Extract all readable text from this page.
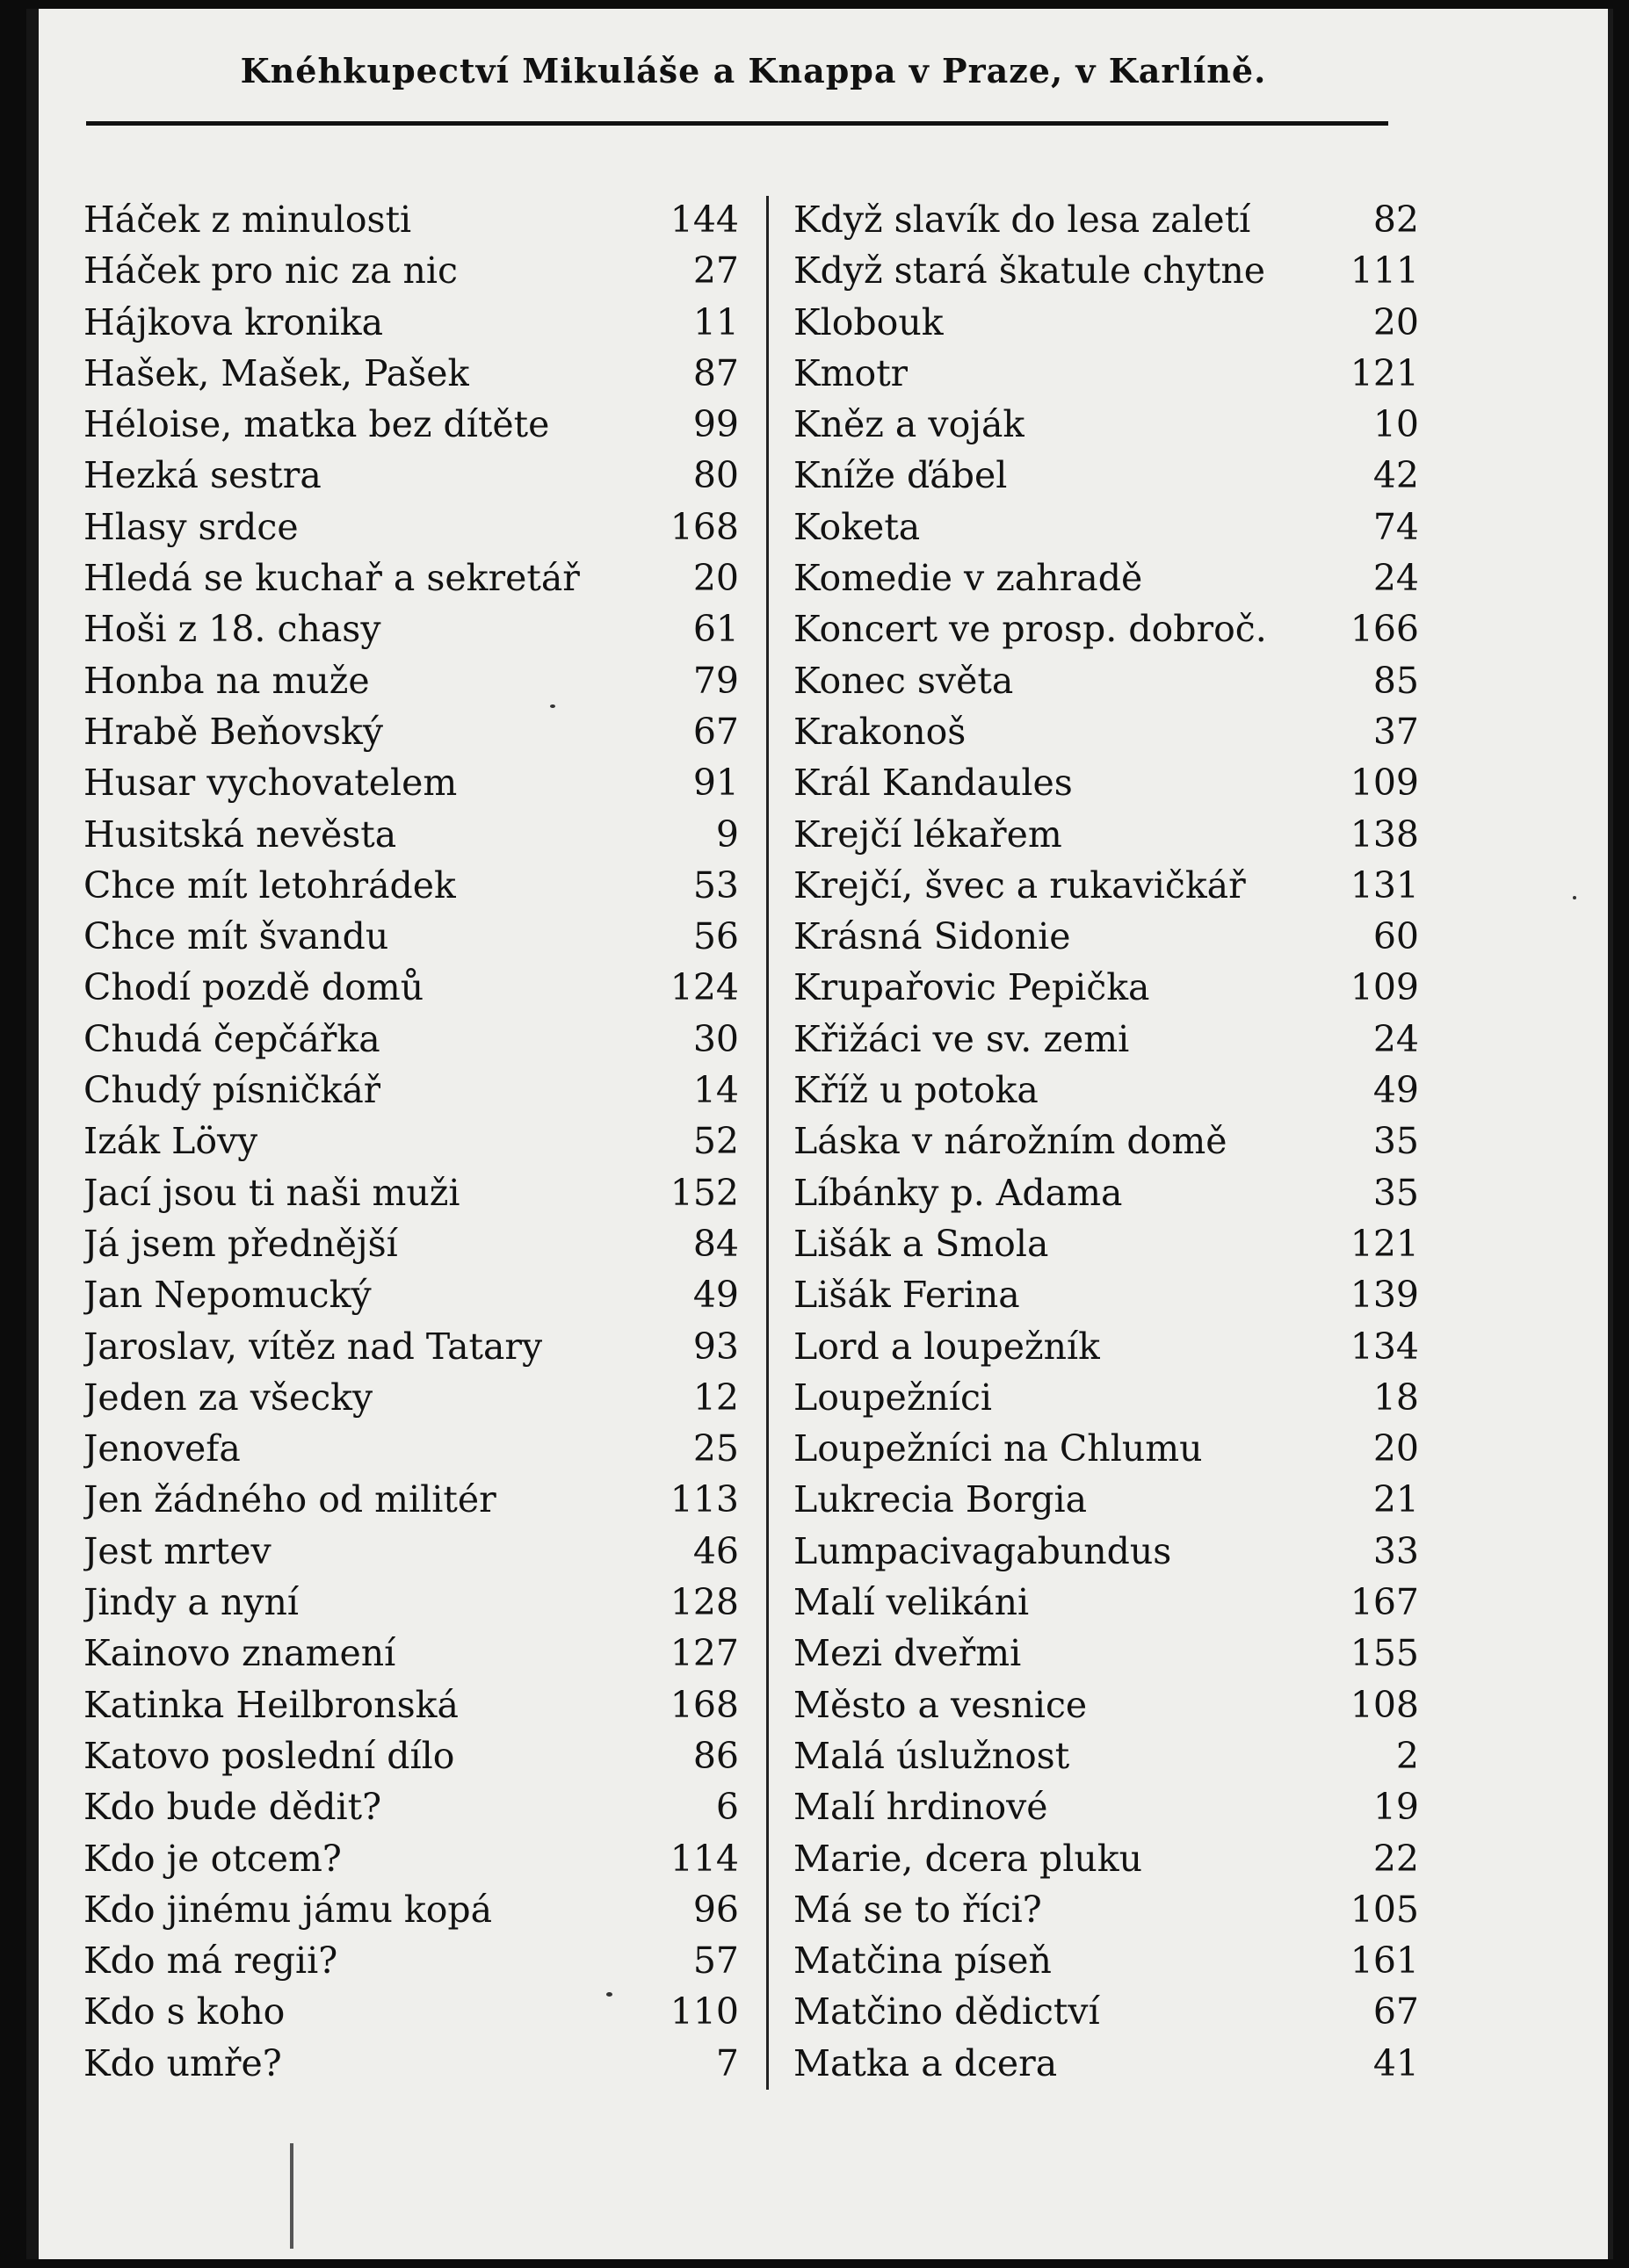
Knéhkupectví Mikuláše a Knappa v Praze, v Karlíně.
Háček z minulosti	144
Háček pro nic za nic	27
Hájkova kronika	11
Hašek, Mašek, Pašek	87
Héloise, matka bez dítěte	99
Hezká sestra	80
Hlasy srdce	168
Hledá se kuchař a sekretář	20
Hoši z 18. chasy	61
Honba na muže	79
Hrabě Beňovský	67
Husar vychovatelem	91
Husitská nevěsta	9
Chce mít letohrádek	53
Chce mít švandu	56
Chodí pozdě domů	124
Chudá čepčářka	30
Chudý písničkář	14
Izák Lövy	52
Jací jsou ti naši muži	152
Já jsem přednější	84
Jan Nepomucký	49
Jaroslav, vítěz nad Tatary	93
Jeden za všecky	12
Jenovefa	25
Jen žádného od militér	113
Jest mrtev	46
Jindy a nyní	128
Kainovo znamení	127
Katinka Heilbronská	168
Katovo poslední dílo	86
Kdo bude dědit?	6
Kdo je otcem?	114
Kdo jinému jámu kopá	96
Kdo má regii?	57
Kdo s koho	110
Kdo umře?	7
Když slavík do lesa zaletí	82
Když stará škatule chytne 111
Klobouk	20
Kmotr	121
Kněz a voják	10
Kníže ďábel	42
Koketa	74
Komedie v zahradě	24
Koncert ve prosp. dobroč. 166
Konec světa	85
Krakonoš	37
Král Kandaules	109
Krejčí lékařem	138
Krejčí, švec a rukavičkář	131
Krásná Sidonie	60
Krupařovic Pepička	109
Křižáci ve sv. zemi	24
Kříž u potoka	49
Láska v nárožním domě	35
Líbánky p. Adama	35
Lišák a Smola	121
Lišák Ferina	139
Lord a loupežník	134
Loupežníci	18
Loupežníci na Chlumu	20
Lukrecia Borgia	21
Lumpacivagabundus	33
Malí velikáni	167
Mezi dveřmi	155
Město a vesnice	108
Malá úslužnost	2
Malí hrdinové	19
Marie, dcera pluku	22
Má se to říci?	105
Matčina píseň	161
Matčino dědictví	67
Matka a dcera	41
